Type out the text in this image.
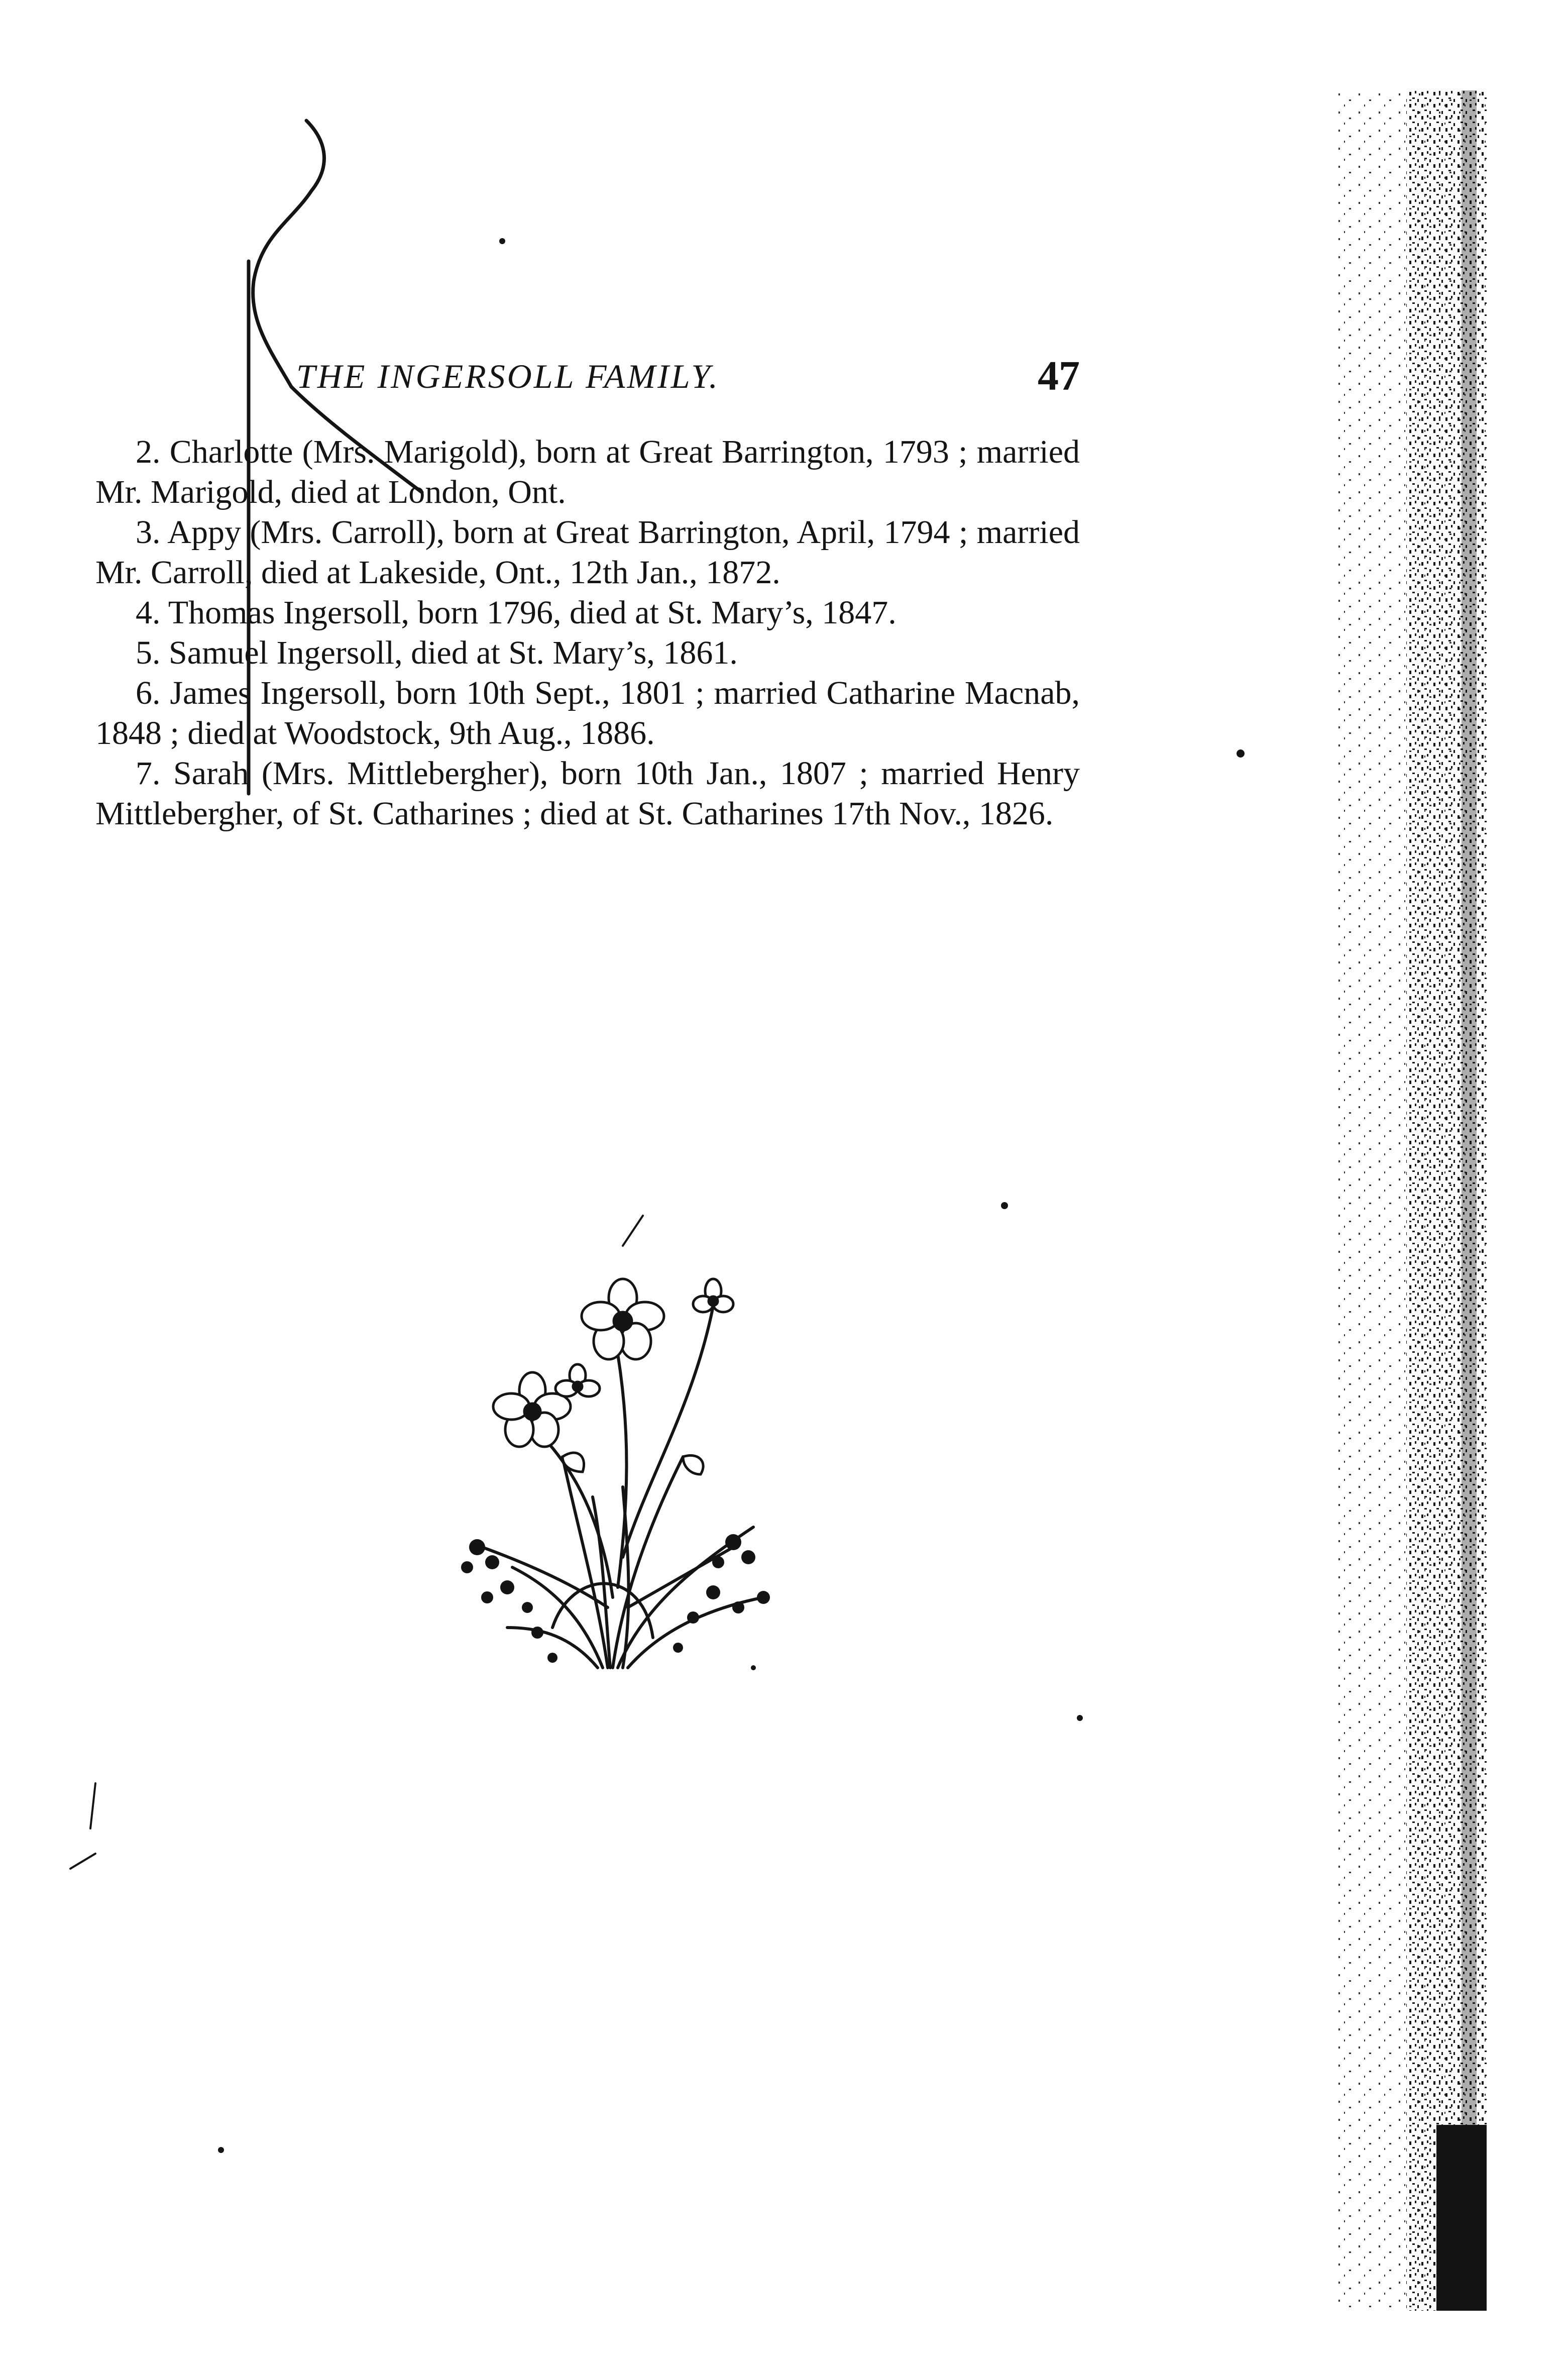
THE INGERSOLL FAMILY.	47

2. Charlotte (Mrs. Marigold), born at Great Barrington, 1793 ; married Mr. Marigold, died at London, Ont.

3. Appy (Mrs. Carroll), born at Great Barrington, April, 1794 ; married Mr. Carroll, died at Lakeside, Ont., 12th Jan., 1872.

4. Thomas Ingersoll, born 1796, died at St. Mary’s, 1847.

5. Samuel Ingersoll, died at St. Mary’s, 1861.

6. James Ingersoll, born 10th Sept., 1801 ; married Catharine Macnab, 1848 ; died at Woodstock, 9th Aug., 1886.

7. Sarah (Mrs. Mittlebergher), born 10th Jan., 1807 ; married Henry Mittlebergher, of St. Catharines ; died at St. Catharines 17th Nov., 1826.
